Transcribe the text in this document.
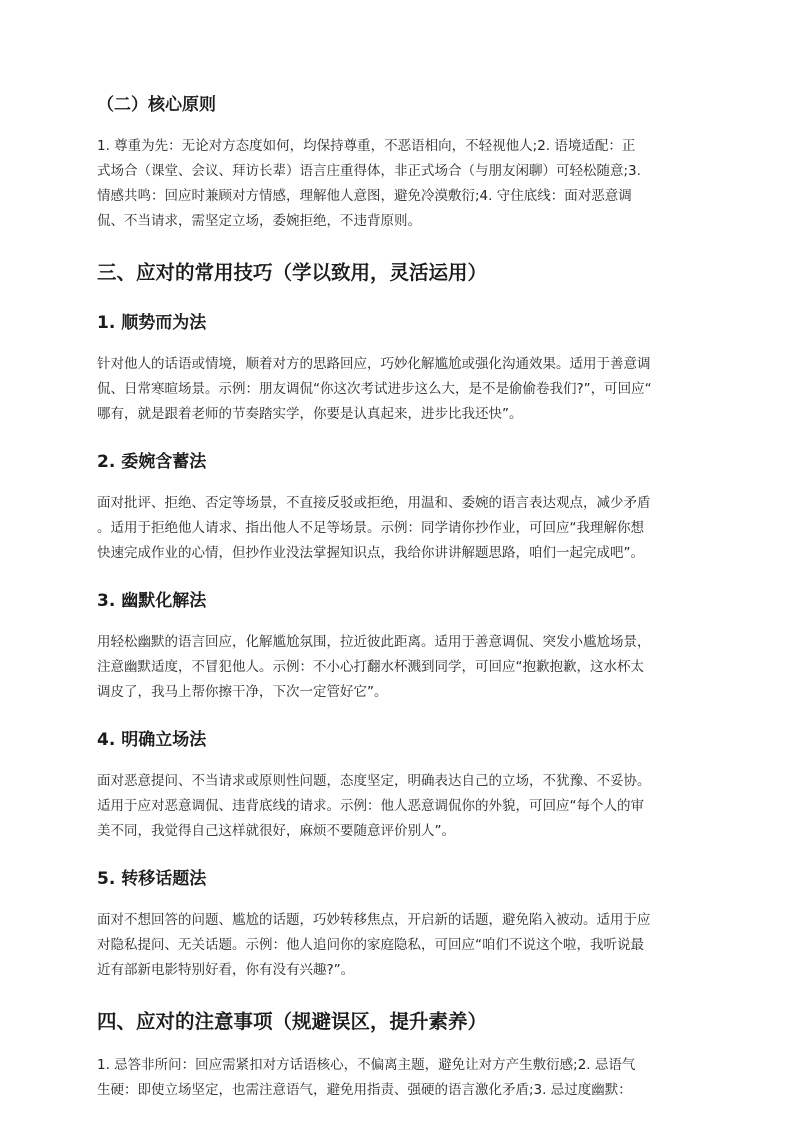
（二）核心原则

1. 尊重为先：无论对方态度如何，均保持尊重，不恶语相向，不轻视他人;2. 语境适配：正
式场合（课堂、会议、拜访长辈）语言庄重得体，非正式场合（与朋友闲聊）可轻松随意;3.
情感共鸣：回应时兼顾对方情感，理解他人意图，避免冷漠敷衍;4. 守住底线：面对恶意调
侃、不当请求，需坚定立场，委婉拒绝，不违背原则。

三、应对的常用技巧（学以致用，灵活运用）
1. 顺势而为法

针对他人的话语或情境，顺着对方的思路回应，巧妙化解尴尬或强化沟通效果。适用于善意调
侃、日常寒暄场景。示例：朋友调侃“你这次考试进步这么大，是不是偷偷卷我们?”，可回应“
哪有，就是跟着老师的节奏踏实学，你要是认真起来，进步比我还快”。

2. 委婉含蓄法

面对批评、拒绝、否定等场景，不直接反驳或拒绝，用温和、委婉的语言表达观点，减少矛盾
。适用于拒绝他人请求、指出他人不足等场景。示例：同学请你抄作业，可回应“我理解你想
快速完成作业的心情，但抄作业没法掌握知识点，我给你讲讲解题思路，咱们一起完成吧”。

3. 幽默化解法

用轻松幽默的语言回应，化解尴尬氛围，拉近彼此距离。适用于善意调侃、突发小尴尬场景，
注意幽默适度，不冒犯他人。示例：不小心打翻水杯溅到同学，可回应“抱歉抱歉，这水杯太
调皮了，我马上帮你擦干净，下次一定管好它”。

4. 明确立场法

面对恶意提问、不当请求或原则性问题，态度坚定，明确表达自己的立场，不犹豫、不妥协。
适用于应对恶意调侃、违背底线的请求。示例：他人恶意调侃你的外貌，可回应“每个人的审
美不同，我觉得自己这样就很好，麻烦不要随意评价别人”。

5. 转移话题法

面对不想回答的问题、尴尬的话题，巧妙转移焦点，开启新的话题，避免陷入被动。适用于应
对隐私提问、无关话题。示例：他人追问你的家庭隐私，可回应“咱们不说这个啦，我听说最
近有部新电影特别好看，你有没有兴趣?”。

四、应对的注意事项（规避误区，提升素养）

1. 忌答非所问：回应需紧扣对方话语核心，不偏离主题，避免让对方产生敷衍感;2. 忌语气
生硬：即使立场坚定，也需注意语气，避免用指责、强硬的语言激化矛盾;3. 忌过度幽默：
